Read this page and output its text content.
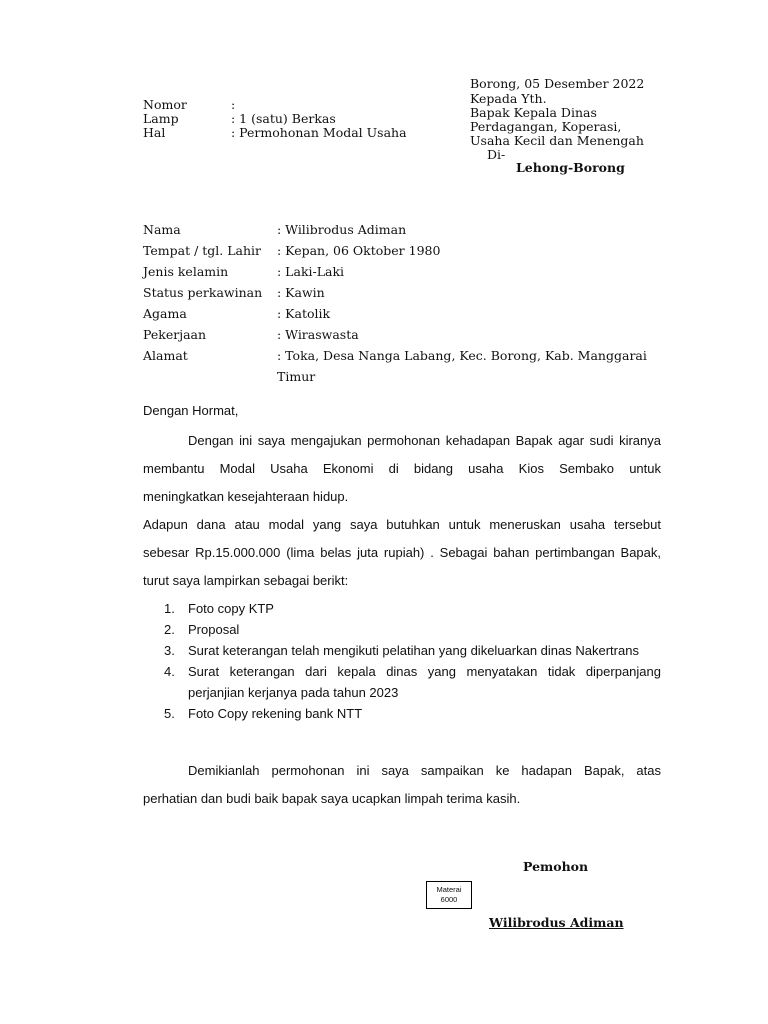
Borong, 05 Desember 2022
Kepada Yth.
Bapak Kepala Dinas
Perdagangan, Koperasi,
Usaha Kecil dan Menengah
Di-
Lehong-Borong
Nomor	:
Lamp	: 1 (satu) Berkas
Hal	: Permohonan Modal Usaha
Nama	: Wilibrodus Adiman
Tempat / tgl. Lahir : Kepan, 06 Oktober 1980
Jenis kelamin	: Laki-Laki
Status perkawinan : Kawin
Agama	: Katolik
Pekerjaan	: Wiraswasta
Alamat	: Toka, Desa Nanga Labang, Kec. Borong, Kab. Manggarai
Timur
Dengan Hormat,
Dengan ini saya mengajukan permohonan kehadapan Bapak agar sudi kiranya
membantu Modal Usaha Ekonomi di bidang usaha Kios Sembako untuk
meningkatkan kesejahteraan hidup.
Adapun dana atau modal yang saya butuhkan untuk meneruskan usaha tersebut
sebesar Rp.15.000.000 (lima belas juta rupiah) . Sebagai bahan pertimbangan Bapak,
turut saya lampirkan sebagai berikt:
1. Foto copy KTP
2. Proposal
3. Surat keterangan telah mengikuti pelatihan yang dikeluarkan dinas Nakertrans
4. Surat keterangan dari kepala dinas yang menyatakan tidak diperpanjang
perjanjian kerjanya pada tahun 2023
5. Foto Copy rekening bank NTT
Demikianlah permohonan ini saya sampaikan ke hadapan Bapak, atas
perhatian dan budi baik bapak saya ucapkan limpah terima kasih.
Pemohon
Materai
6000
Wilibrodus Adiman
